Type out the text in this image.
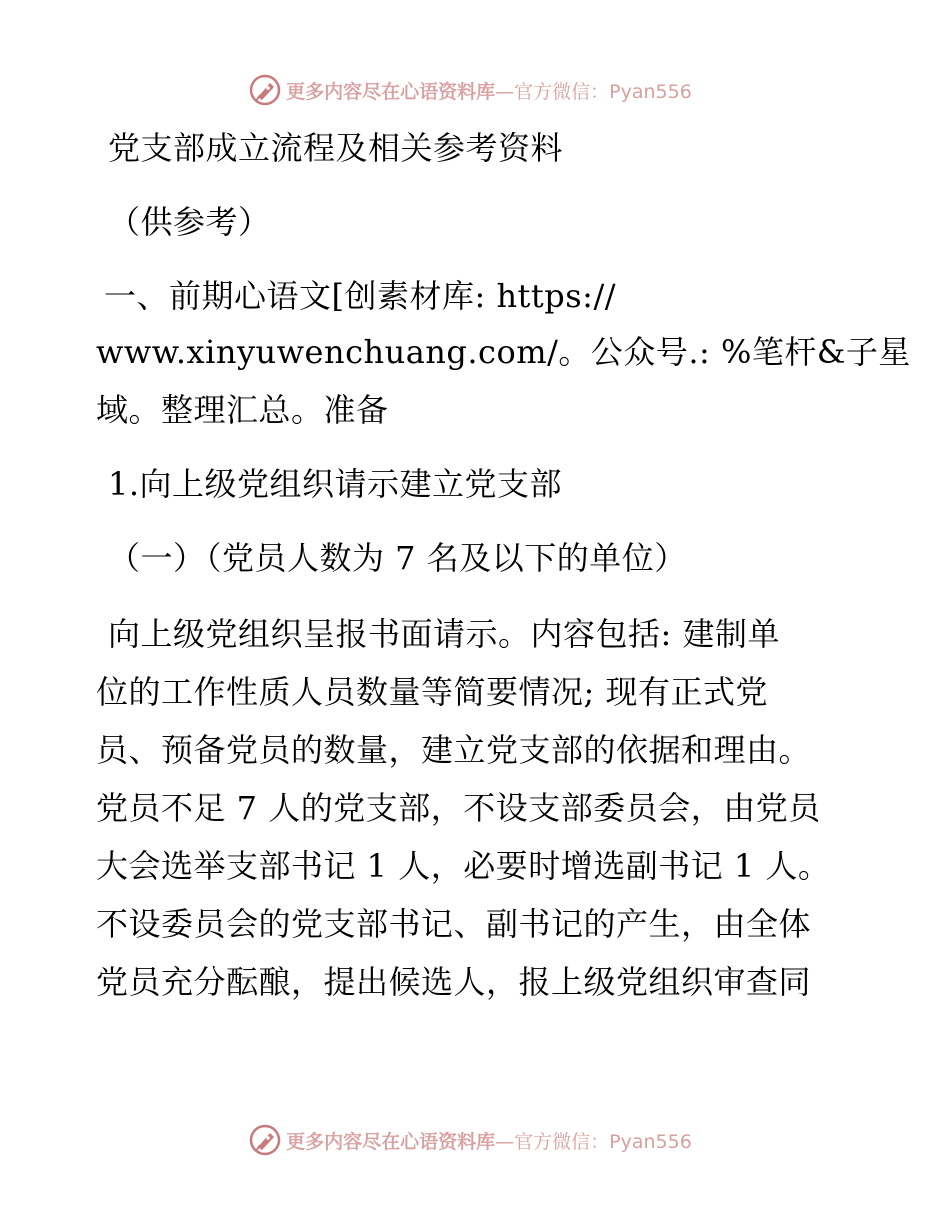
更多内容尽在心语资料库—官方微信：Pyan556
党支部成立流程及相关参考资料
（供参考）
一、前期心语文[创素材库: https://
www.xinyuwenchuang.com/。公众号.: %笔杆&子星
域。整理汇总。准备
1.向上级党组织请示建立党支部
（一）（党员人数为 7 名及以下的单位）
向上级党组织呈报书面请示。内容包括: 建制单
位的工作性质人员数量等简要情况; 现有正式党
员、预备党员的数量，建立党支部的依据和理由。
党员不足 7 人的党支部，不设支部委员会，由党员
大会选举支部书记 1 人，必要时增选副书记 1 人。
不设委员会的党支部书记、副书记的产生，由全体
党员充分酝酿，提出候选人，报上级党组织审查同
更多内容尽在心语资料库—官方微信：Pyan556
